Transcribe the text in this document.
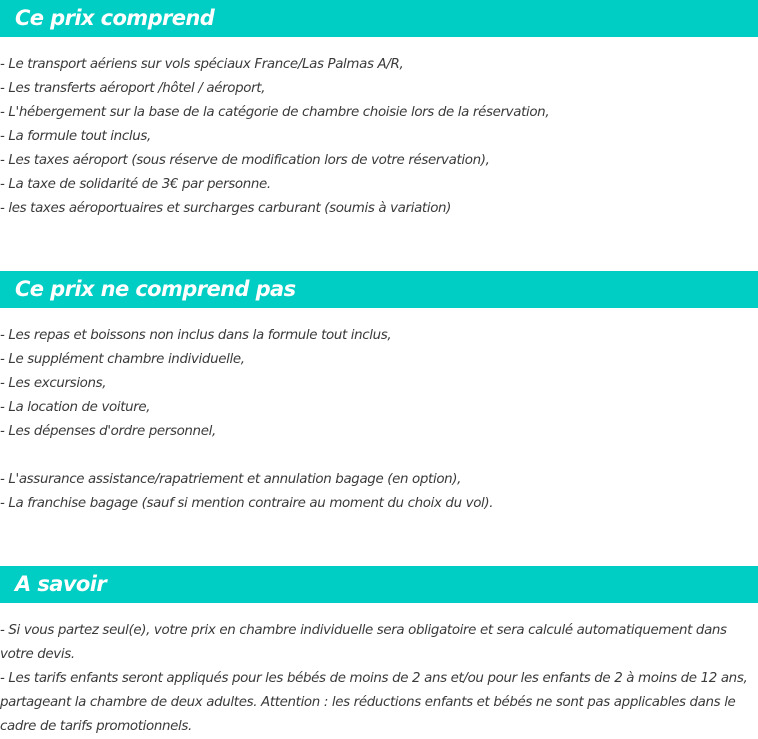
Ce prix comprend
- Le transport aériens sur vols spéciaux France/Las Palmas A/R,
- Les transferts aéroport /hôtel / aéroport,
- L'hébergement sur la base de la catégorie de chambre choisie lors de la réservation,
- La formule tout inclus,
- Les taxes aéroport (sous réserve de modification lors de votre réservation),
- La taxe de solidarité de 3€ par personne.
- les taxes aéroportuaires et surcharges carburant (soumis à variation)
Ce prix ne comprend pas
- Les repas et boissons non inclus dans la formule tout inclus,
- Le supplément chambre individuelle,
- Les excursions,
- La location de voiture,
- Les dépenses d'ordre personnel,
- L'assurance assistance/rapatriement et annulation bagage (en option),
- La franchise bagage (sauf si mention contraire au moment du choix du vol).
A savoir

- Si vous partez seul(e), votre prix en chambre individuelle sera obligatoire et sera calculé automatiquement dans votre devis.

- Les tarifs enfants seront appliqués pour les bébés de moins de 2 ans et/ou pour les enfants de 2 à moins de 12 ans, partageant la chambre de deux adultes. Attention : les réductions enfants et bébés ne sont pas applicables dans le cadre de tarifs promotionnels.
